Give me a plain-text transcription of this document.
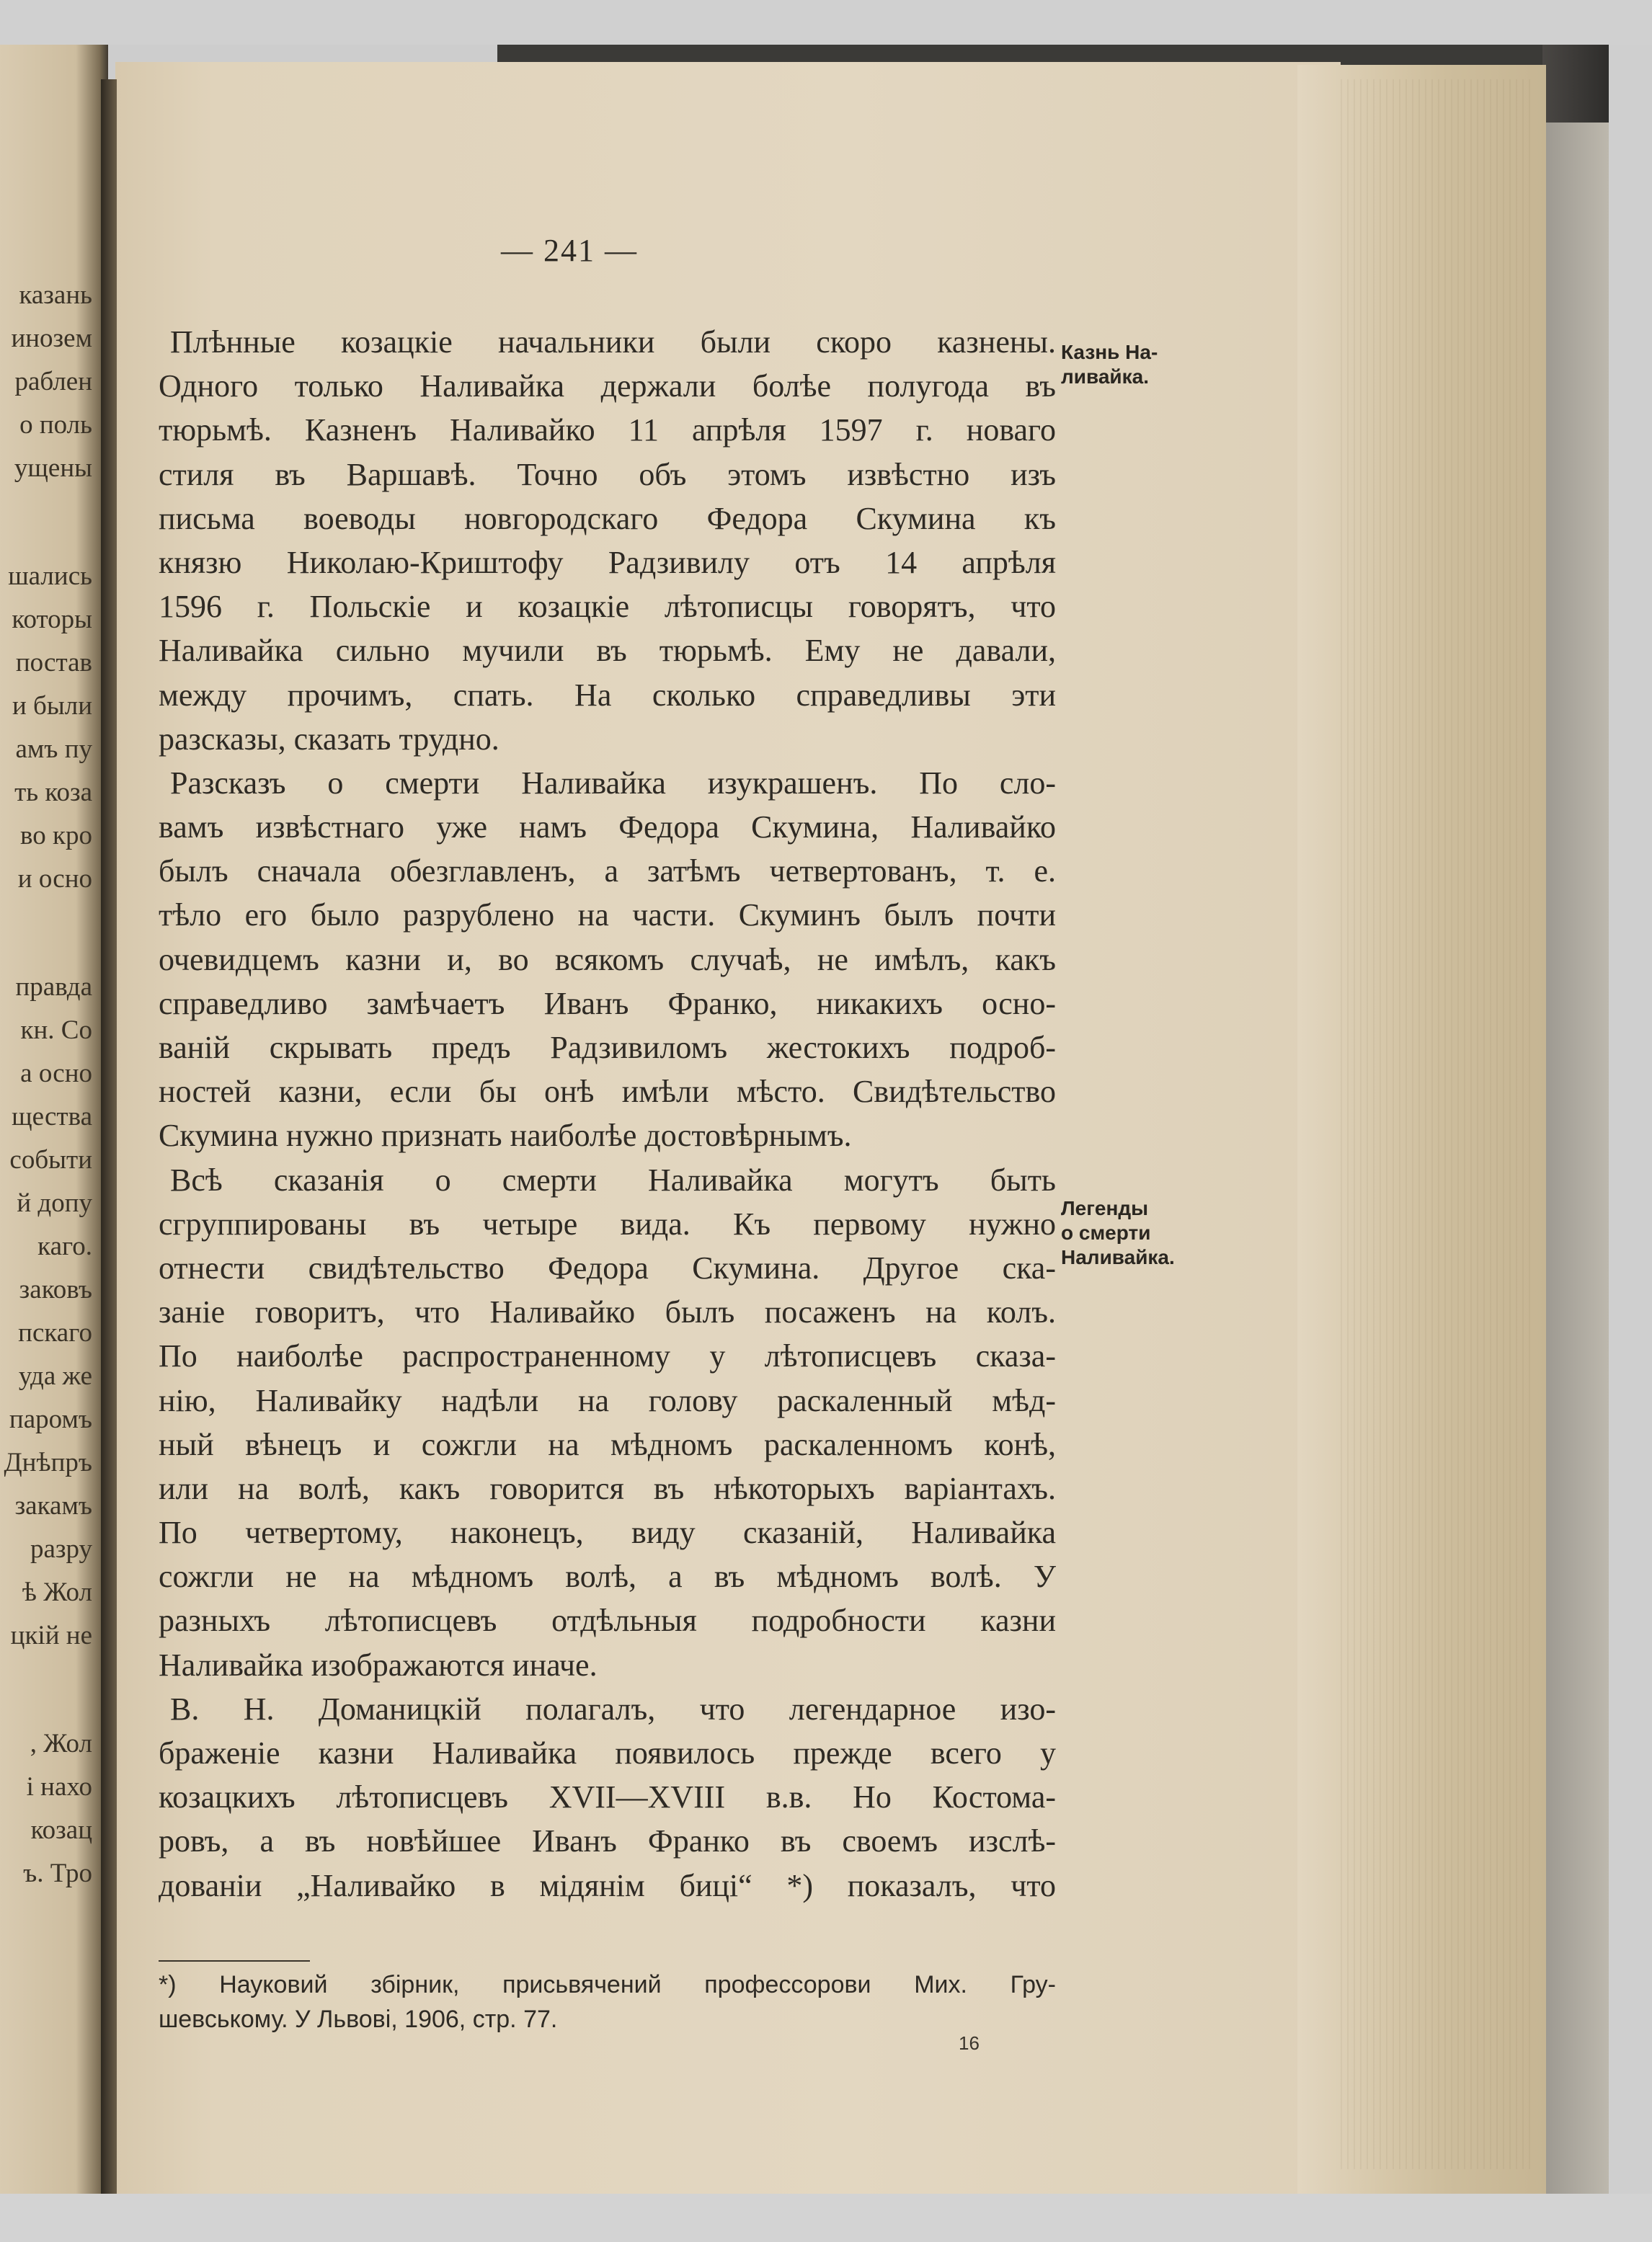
казань
инозем
раблен
о поль
ущены
шались
которы
постав
и были
амъ пу
ть коза
во кро
и осно
правда
кн. Со
а осно
щества
событи
й допу
каго.
заковъ
пскаго
уда же
паромъ
Днѣпръ
закамъ
разру
ѣ Жол
цкій не
, Жол
і нахо
козац
ъ. Тро
— 241 —
Плѣнные козацкіе начальники были скоро казнены.
Одного только Наливайка держали болѣе полугода въ
тюрьмѣ. Казненъ Наливайко 11 апрѣля 1597 г. новаго
стиля въ Варшавѣ. Точно объ этомъ извѣстно изъ
письма воеводы новгородскаго Федора Скумина къ
князю Николаю-Криштофу Радзивилу отъ 14 апрѣля
1596 г. Польскіе и козацкіе лѣтописцы говорятъ, что
Наливайка сильно мучили въ тюрьмѣ. Ему не давали,
между прочимъ, спать. На сколько справедливы эти
разсказы, сказать трудно.
Разсказъ о смерти Наливайка изукрашенъ. По сло-
вамъ извѣстнаго уже намъ Федора Скумина, Наливайко
былъ сначала обезглавленъ, а затѣмъ четвертованъ, т. е.
тѣло его было разрублено на части. Скуминъ былъ почти
очевидцемъ казни и, во всякомъ случаѣ, не имѣлъ, какъ
справедливо замѣчаетъ Иванъ Франко, никакихъ осно-
ваній скрывать предъ Радзивиломъ жестокихъ подроб-
ностей казни, если бы онѣ имѣли мѣсто. Свидѣтельство
Скумина нужно признать наиболѣе достовѣрнымъ.
Всѣ сказанія о смерти Наливайка могутъ быть
сгруппированы въ четыре вида. Къ первому нужно
отнести свидѣтельство Федора Скумина. Другое ска-
заніе говоритъ, что Наливайко былъ посаженъ на колъ.
По наиболѣе распространенному у лѣтописцевъ сказа-
нію, Наливайку надѣли на голову раскаленный мѣд-
ный вѣнецъ и сожгли на мѣдномъ раскаленномъ конѣ,
или на волѣ, какъ говорится въ нѣкоторыхъ варіантахъ.
По четвертому, наконецъ, виду сказаній, Наливайка
сожгли не на мѣдномъ волѣ, а въ мѣдномъ волѣ. У
разныхъ лѣтописцевъ отдѣльныя подробности казни
Наливайка изображаются иначе.
В. Н. Доманицкій полагалъ, что легендарное изо-
браженіе казни Наливайка появилось прежде всего у
козацкихъ лѣтописцевъ XVII—XVIII в.в. Но Костома-
ровъ, а въ новѣйшее Иванъ Франко въ своемъ изслѣ-
дованіи „Наливайко в мідянім биці“ *) показалъ, что
Казнь На-
ливайка.
Легенды
о смерти
Наливайка.
*) Науковий збірник, присьвячений профессорови Мих. Гру-
шевському. У Львові, 1906, стр. 77.
16
